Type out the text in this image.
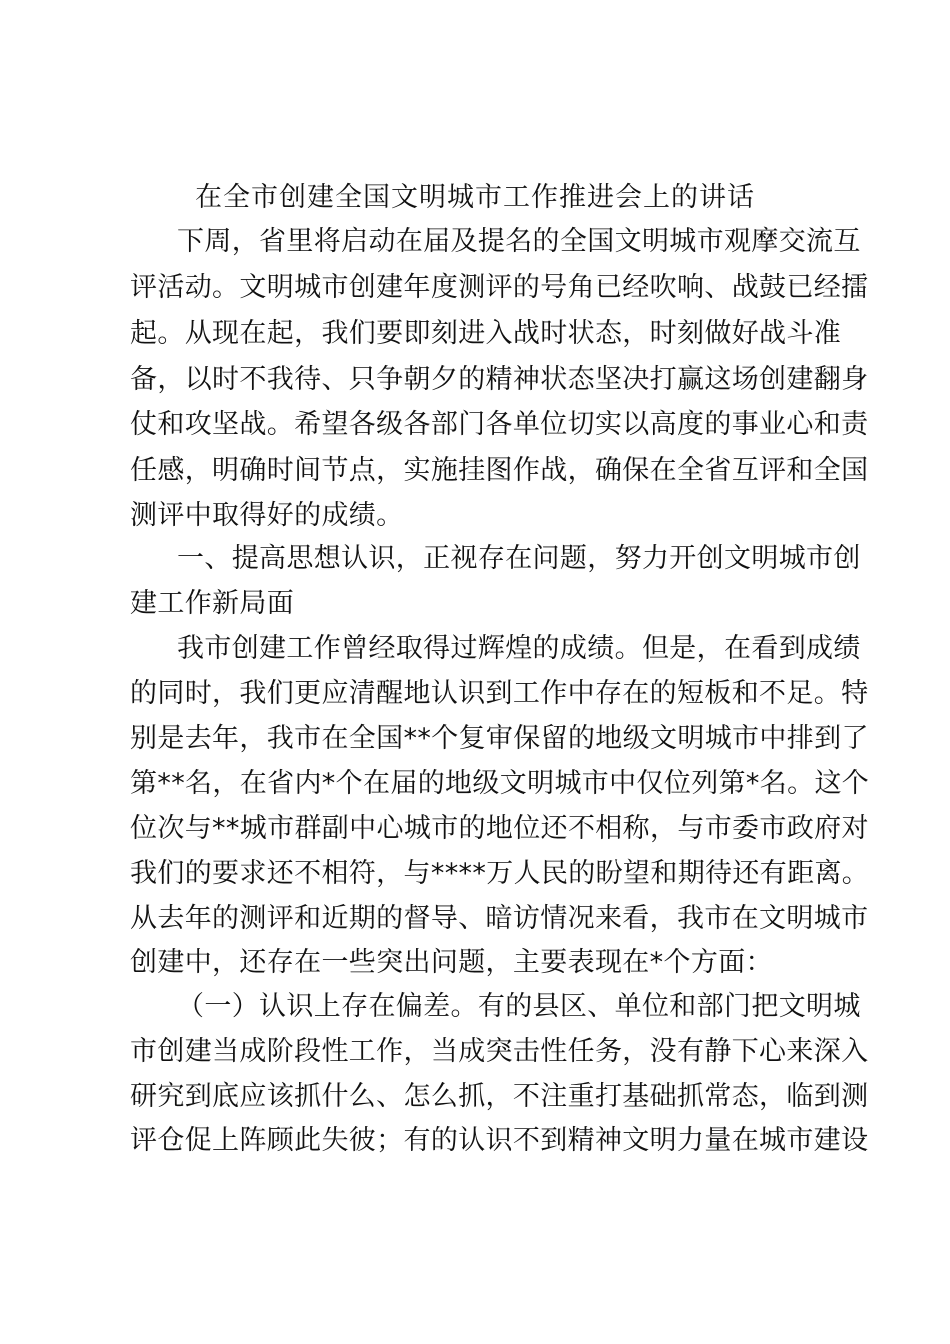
在全市创建全国文明城市工作推进会上的讲话
下周，省里将启动在届及提名的全国文明城市观摩交流互
评活动。文明城市创建年度测评的号角已经吹响、战鼓已经擂
起。从现在起，我们要即刻进入战时状态，时刻做好战斗准
备，以时不我待、只争朝夕的精神状态坚决打赢这场创建翻身
仗和攻坚战。希望各级各部门各单位切实以高度的事业心和责
任感，明确时间节点，实施挂图作战，确保在全省互评和全国
测评中取得好的成绩。
一、提高思想认识，正视存在问题，努力开创文明城市创
建工作新局面
我市创建工作曾经取得过辉煌的成绩。但是，在看到成绩
的同时，我们更应清醒地认识到工作中存在的短板和不足。特
别是去年，我市在全国**个复审保留的地级文明城市中排到了
第**名，在省内*个在届的地级文明城市中仅位列第*名。这个
位次与**城市群副中心城市的地位还不相称，与市委市政府对
我们的要求还不相符，与****万人民的盼望和期待还有距离。
从去年的测评和近期的督导、暗访情况来看，我市在文明城市
创建中，还存在一些突出问题，主要表现在*个方面：
（一）认识上存在偏差。有的县区、单位和部门把文明城
市创建当成阶段性工作，当成突击性任务，没有静下心来深入
研究到底应该抓什么、怎么抓，不注重打基础抓常态，临到测
评仓促上阵顾此失彼；有的认识不到精神文明力量在城市建设
